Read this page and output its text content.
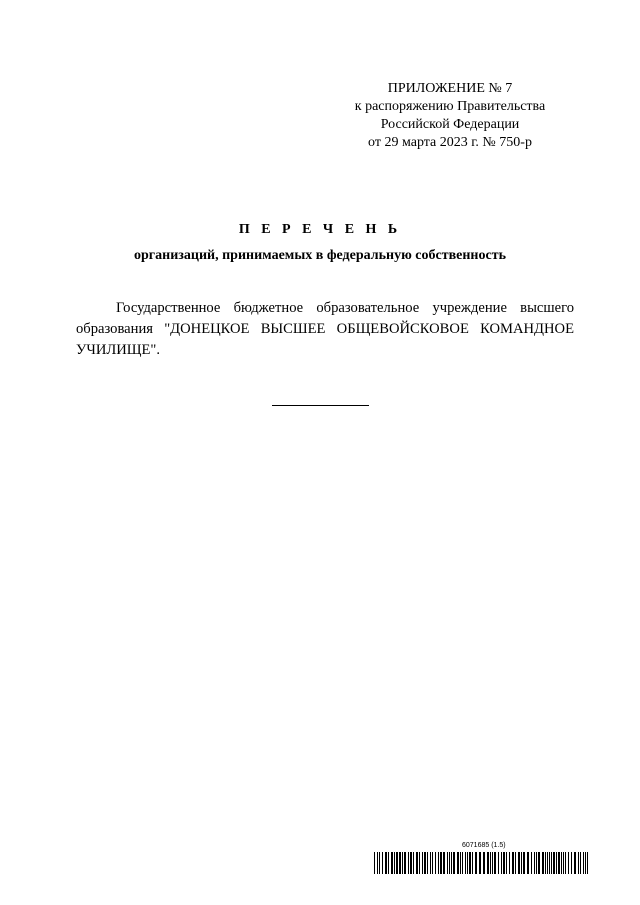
ПРИЛОЖЕНИЕ № 7
к распоряжению Правительства
Российской Федерации
от 29 марта 2023 г. № 750-р
П Е Р Е Ч Е Н Ь
организаций, принимаемых в федеральную собственность

Государственное бюджетное образовательное учреждение высшего образования "ДОНЕЦКОЕ ВЫСШЕЕ ОБЩЕВОЙСКОВОЕ КОМАНДНОЕ УЧИЛИЩЕ".

6071685 (1.5)
